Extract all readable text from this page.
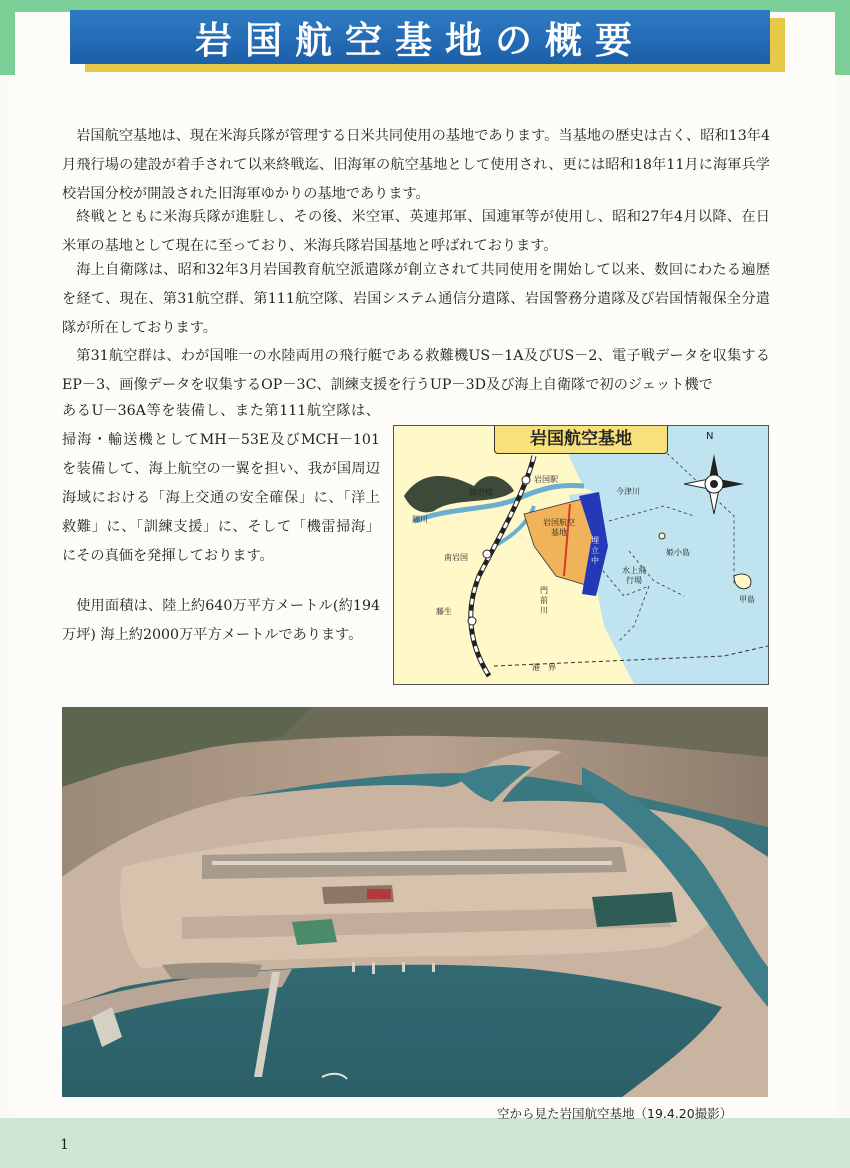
岩国航空基地の概要

岩国航空基地は、現在米海兵隊が管理する日米共同使用の基地であります。当基地の歴史は古く、昭和13年4月飛行場の建設が着手されて以来終戦迄、旧海軍の航空基地として使用され、更には昭和18年11月に海軍兵学校岩国分校が開設された旧海軍ゆかりの基地であります。

終戦とともに米海兵隊が進駐し、その後、米空軍、英連邦軍、国連軍等が使用し、昭和27年4月以降、在日米軍の基地として現在に至っており、米海兵隊岩国基地と呼ばれております。

海上自衛隊は、昭和32年3月岩国教育航空派遣隊が創立されて共同使用を開始して以来、数回にわたる遍歴を経て、現在、第31航空群、第111航空隊、岩国システム通信分遣隊、岩国警務分遣隊及び岩国情報保全分遣隊が所在しております。

第31航空群は、わが国唯一の水陸両用の飛行艇である救難機US－1A及びUS－2、電子戦データを収集するEP－3、画像データを収集するOP－3C、訓練支援を行うUP－3D及び海上自衛隊で初のジェット機で

あるU－36A等を装備し、また第111航空隊は、掃海・輸送機としてMH－53E及びMCH－101を装備して、海上航空の一翼を担い、我が国周辺海域における「海上交通の安全確保」に、「洋上救難」に、「訓練支援」に、そして「機雷掃海」にその真価を発揮しております。

使用面積は、陸上約640万平方メートル(約194万坪) 海上約2000万平方メートルであります。

岩国航空基地	N
錦帯橋
錦川
岩国駅
今津川
岩国航空基地
埋立中
南岩国
姫小島
門前川
水上飛行場
藤生
甲島
港　界
空から見た岩国航空基地（19.4.20撮影）
1
